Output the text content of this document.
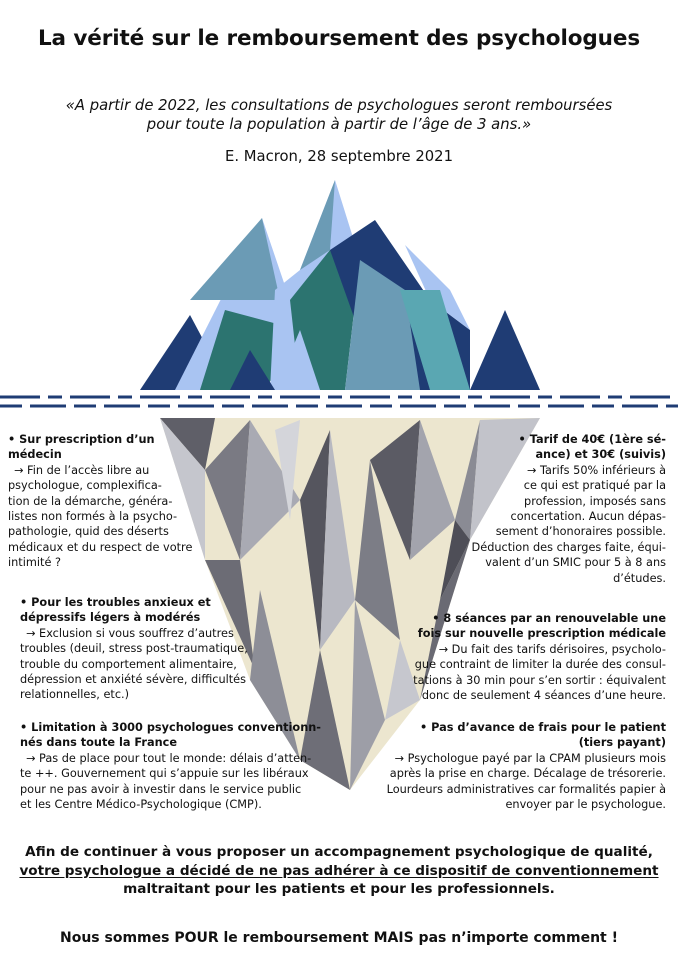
La vérité sur le remboursement des psychologues
«A partir de 2022, les consultations de psychologues seront remboursées
pour toute la population à partir de l’âge de 3 ans.»
E. Macron, 28 septembre 2021
• Sur prescription d’un
médecin
→ Fin de l’accès libre au
psychologue, complexifica-
tion de la démarche, généra-
listes non formés à la psycho-
pathologie, quid des déserts
médicaux et du respect de votre
intimité ?
• Pour les troubles anxieux et
dépressifs légers à modérés
→ Exclusion si vous souffrez d’autres
troubles (deuil, stress post-traumatique,
trouble du comportement alimentaire,
dépression et anxiété sévère, difficultés
relationnelles, etc.)
• Limitation à 3000 psychologues conventionn-
nés dans toute la France
→ Pas de place pour tout le monde: délais d’atten-
te ++. Gouvernement qui s’appuie sur les libéraux
pour ne pas avoir à investir dans le service public
et les Centre Médico-Psychologique (CMP).
• Tarif de 40€ (1ère sé-
ance) et 30€ (suivis)
→ Tarifs 50% inférieurs à
ce qui est pratiqué par la
profession, imposés sans
concertation. Aucun dépas-
sement d’honoraires possible.
Déduction des charges faite, équi-
valent d’un SMIC pour 5 à 8 ans
d’études.
• 8 séances par an renouvelable une
fois sur nouvelle prescription médicale
→ Du fait des tarifs dérisoires, psycholo-
gue contraint de limiter la durée des consul-
tations à 30 min pour s’en sortir : équivalent
donc de seulement 4 séances d’une heure.
• Pas d’avance de frais pour le patient
(tiers payant)
→ Psychologue payé par la CPAM plusieurs mois
après la prise en charge. Décalage de trésorerie.
Lourdeurs administratives car formalités papier à
envoyer par le psychologue.
Afin de continuer à vous proposer un accompagnement psychologique de qualité,
votre psychologue a décidé de ne pas adhérer à ce dispositif de conventionnement
maltraitant pour les patients et pour les professionnels.
Nous sommes POUR le remboursement MAIS pas n’importe comment !
